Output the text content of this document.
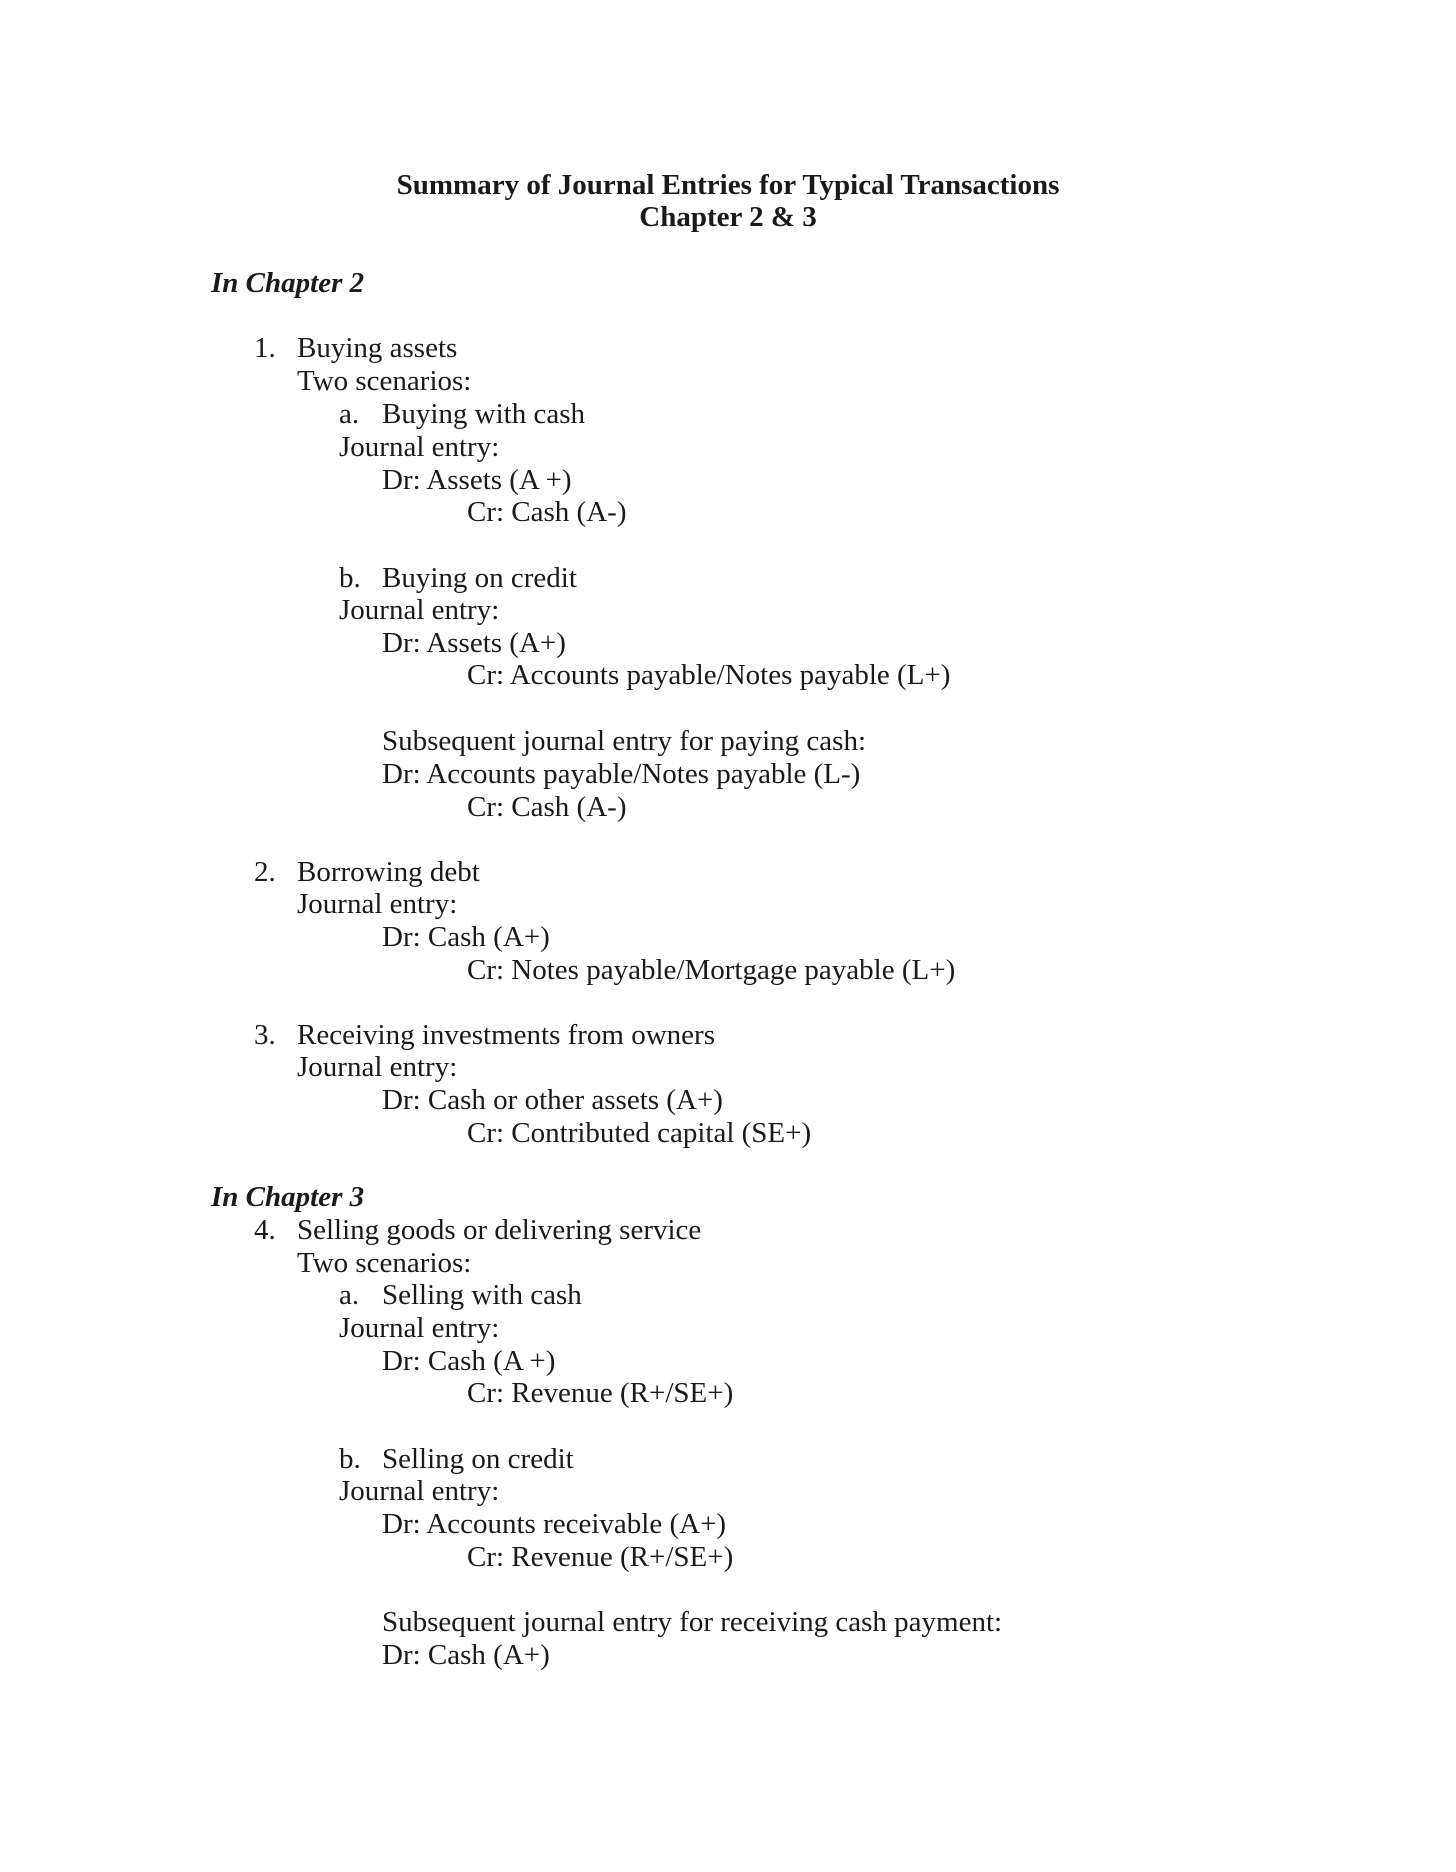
Summary of Journal Entries for Typical Transactions
Chapter 2 & 3
In Chapter 2
1. Buying assets
Two scenarios:
a. Buying with cash
Journal entry:
Dr: Assets (A +)
Cr: Cash (A-)
b. Buying on credit
Journal entry:
Dr: Assets (A+)
Cr: Accounts payable/Notes payable (L+)
Subsequent journal entry for paying cash:
Dr: Accounts payable/Notes payable (L-)
Cr: Cash (A-)
2. Borrowing debt
Journal entry:
Dr: Cash (A+)
Cr: Notes payable/Mortgage payable (L+)
3. Receiving investments from owners
Journal entry:
Dr: Cash or other assets (A+)
Cr: Contributed capital (SE+)
In Chapter 3
4. Selling goods or delivering service
Two scenarios:
a. Selling with cash
Journal entry:
Dr: Cash (A +)
Cr: Revenue (R+/SE+)
b. Selling on credit
Journal entry:
Dr: Accounts receivable (A+)
Cr: Revenue (R+/SE+)
Subsequent journal entry for receiving cash payment:
Dr: Cash (A+)
